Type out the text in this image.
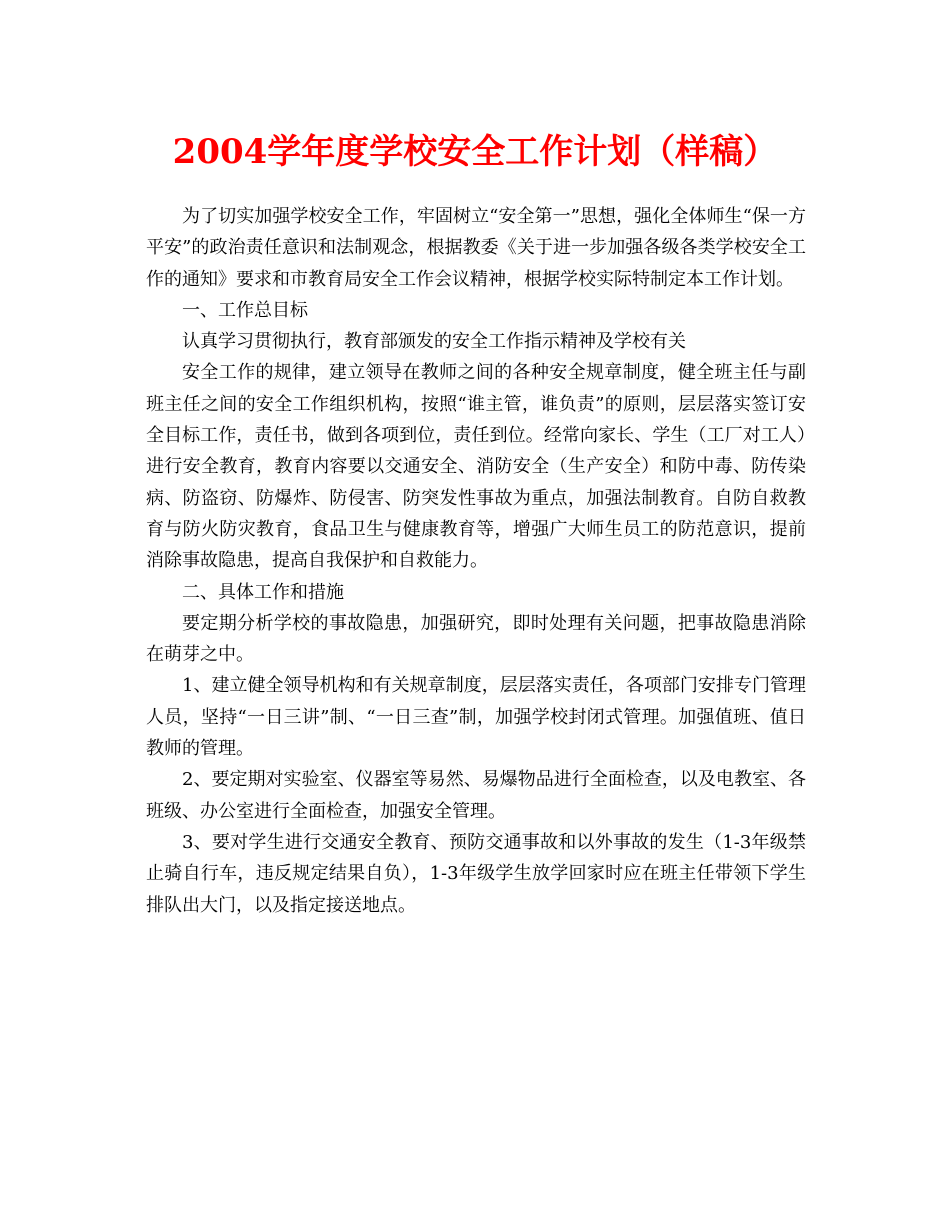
2004学年度学校安全工作计划（样稿）

为了切实加强学校安全工作，牢固树立“安全第一”思想，强化全体师生“保一方平安”的政治责任意识和法制观念，根据教委《关于进一步加强各级各类学校安全工作的通知》要求和市教育局安全工作会议精神，根据学校实际特制定本工作计划。

一、工作总目标

认真学习贯彻执行，教育部颁发的安全工作指示精神及学校有关

安全工作的规律，建立领导在教师之间的各种安全规章制度，健全班主任与副班主任之间的安全工作组织机构，按照“谁主管，谁负责”的原则，层层落实签订安全目标工作，责任书，做到各项到位，责任到位。经常向家长、学生（工厂对工人）进行安全教育，教育内容要以交通安全、消防安全（生产安全）和防中毒、防传染病、防盗窃、防爆炸、防侵害、防突发性事故为重点，加强法制教育。自防自救教育与防火防灾教育，食品卫生与健康教育等，增强广大师生员工的防范意识，提前消除事故隐患，提高自我保护和自救能力。

二、具体工作和措施

要定期分析学校的事故隐患，加强研究，即时处理有关问题，把事故隐患消除在萌芽之中。

1、建立健全领导机构和有关规章制度，层层落实责任，各项部门安排专门管理人员，坚持“一日三讲”制、“一日三查”制，加强学校封闭式管理。加强值班、值日教师的管理。

2、要定期对实验室、仪器室等易然、易爆物品进行全面检查，以及电教室、各班级、办公室进行全面检查，加强安全管理。

3、要对学生进行交通安全教育、预防交通事故和以外事故的发生（1-3年级禁止骑自行车，违反规定结果自负），1-3年级学生放学回家时应在班主任带领下学生排队出大门，以及指定接送地点。
